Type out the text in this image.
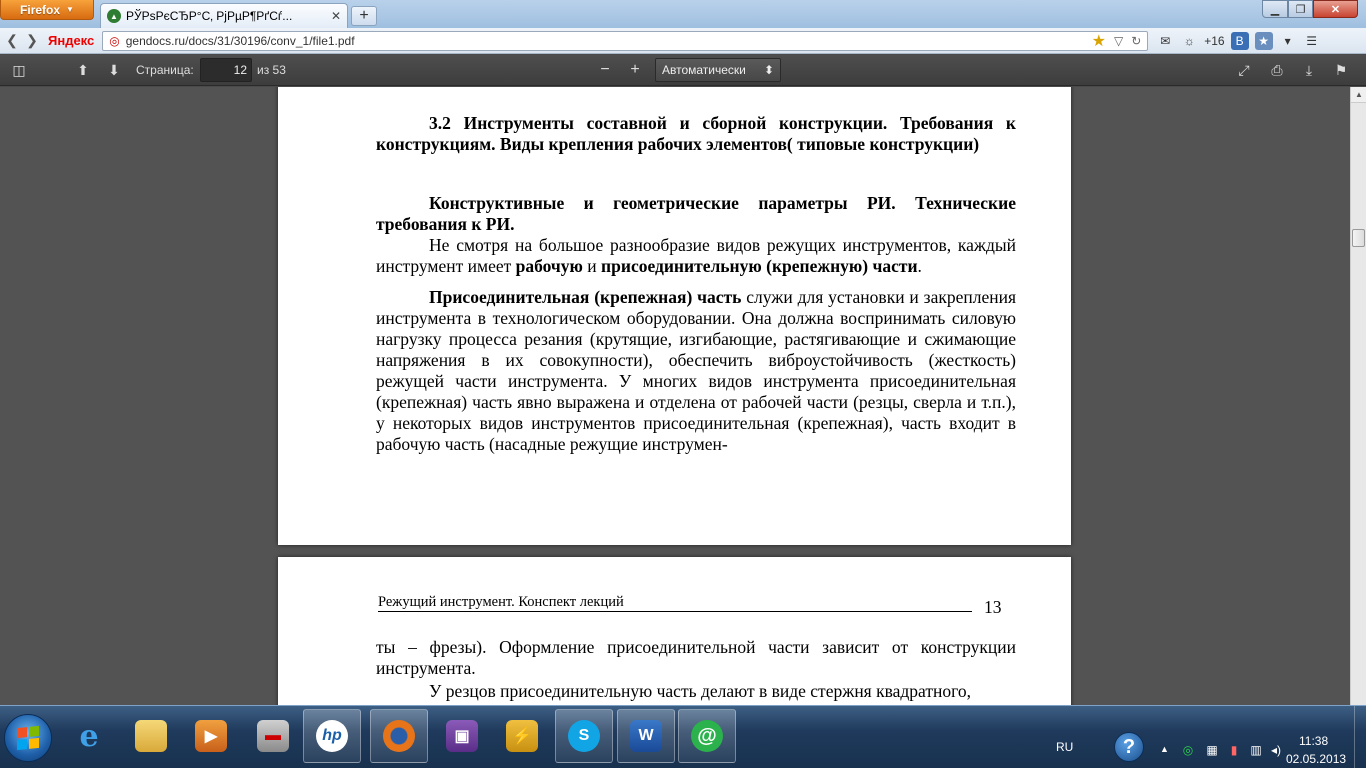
Firefox ▼
▲ РЎРѕРєСЂР°С‚ РјРµР¶РґСѓ...	✕	+	▁	❐	✕
❮ ❯ Яндекс ◎ gendocs.ru/docs/31/30196/conv_1/file1.pdf	★ ▽ ↻	✉	☼ +16 B	★	▾	☰
◫	⬆	⬇	Страница:
12	из 53	−	+	Автоматически ⬍	⤢	⎙	⤓	⚑
3.2 Инструменты составной и сборной конструкции. Требования к конструкциям. Виды крепления рабочих элементов( типовые конструкции)
Конструктивные и геометрические параметры РИ. Технические требования к РИ.
Не смотря на большое разнообразие видов режущих инструментов, каждый инструмент имеет рабочую и присоединительную (крепежную) части.
Присоединительная (крепежная) часть служи для установки и закрепления инструмента в технологическом оборудовании. Она должна воспринимать силовую нагрузку процесса резания (крутящие, изгибающие, растягивающие и сжимающие напряжения в их совокупности), обеспечить виброустойчивость (жесткость) режущей части инструмента. У многих видов инструмента присоединительная (крепежная) часть явно выражена и отделена от рабочей части (резцы, сверла и т.п.), у некоторых видов инструментов присоединительная (крепежная), часть входит в рабочую часть (насадные режущие инструмен-
Режущий инструмент. Конспект лекций	13
ты – фрезы). Оформление присоединительной части зависит от конструкции инструмента.
У резцов присоединительную часть делают в виде стержня квадратного,
▲
e	▶	▬	hp	▣	⚡	S	W	@
RU	?	▲ ◎ ▦	▮	▥ ◂)
11:38
02.05.2013
